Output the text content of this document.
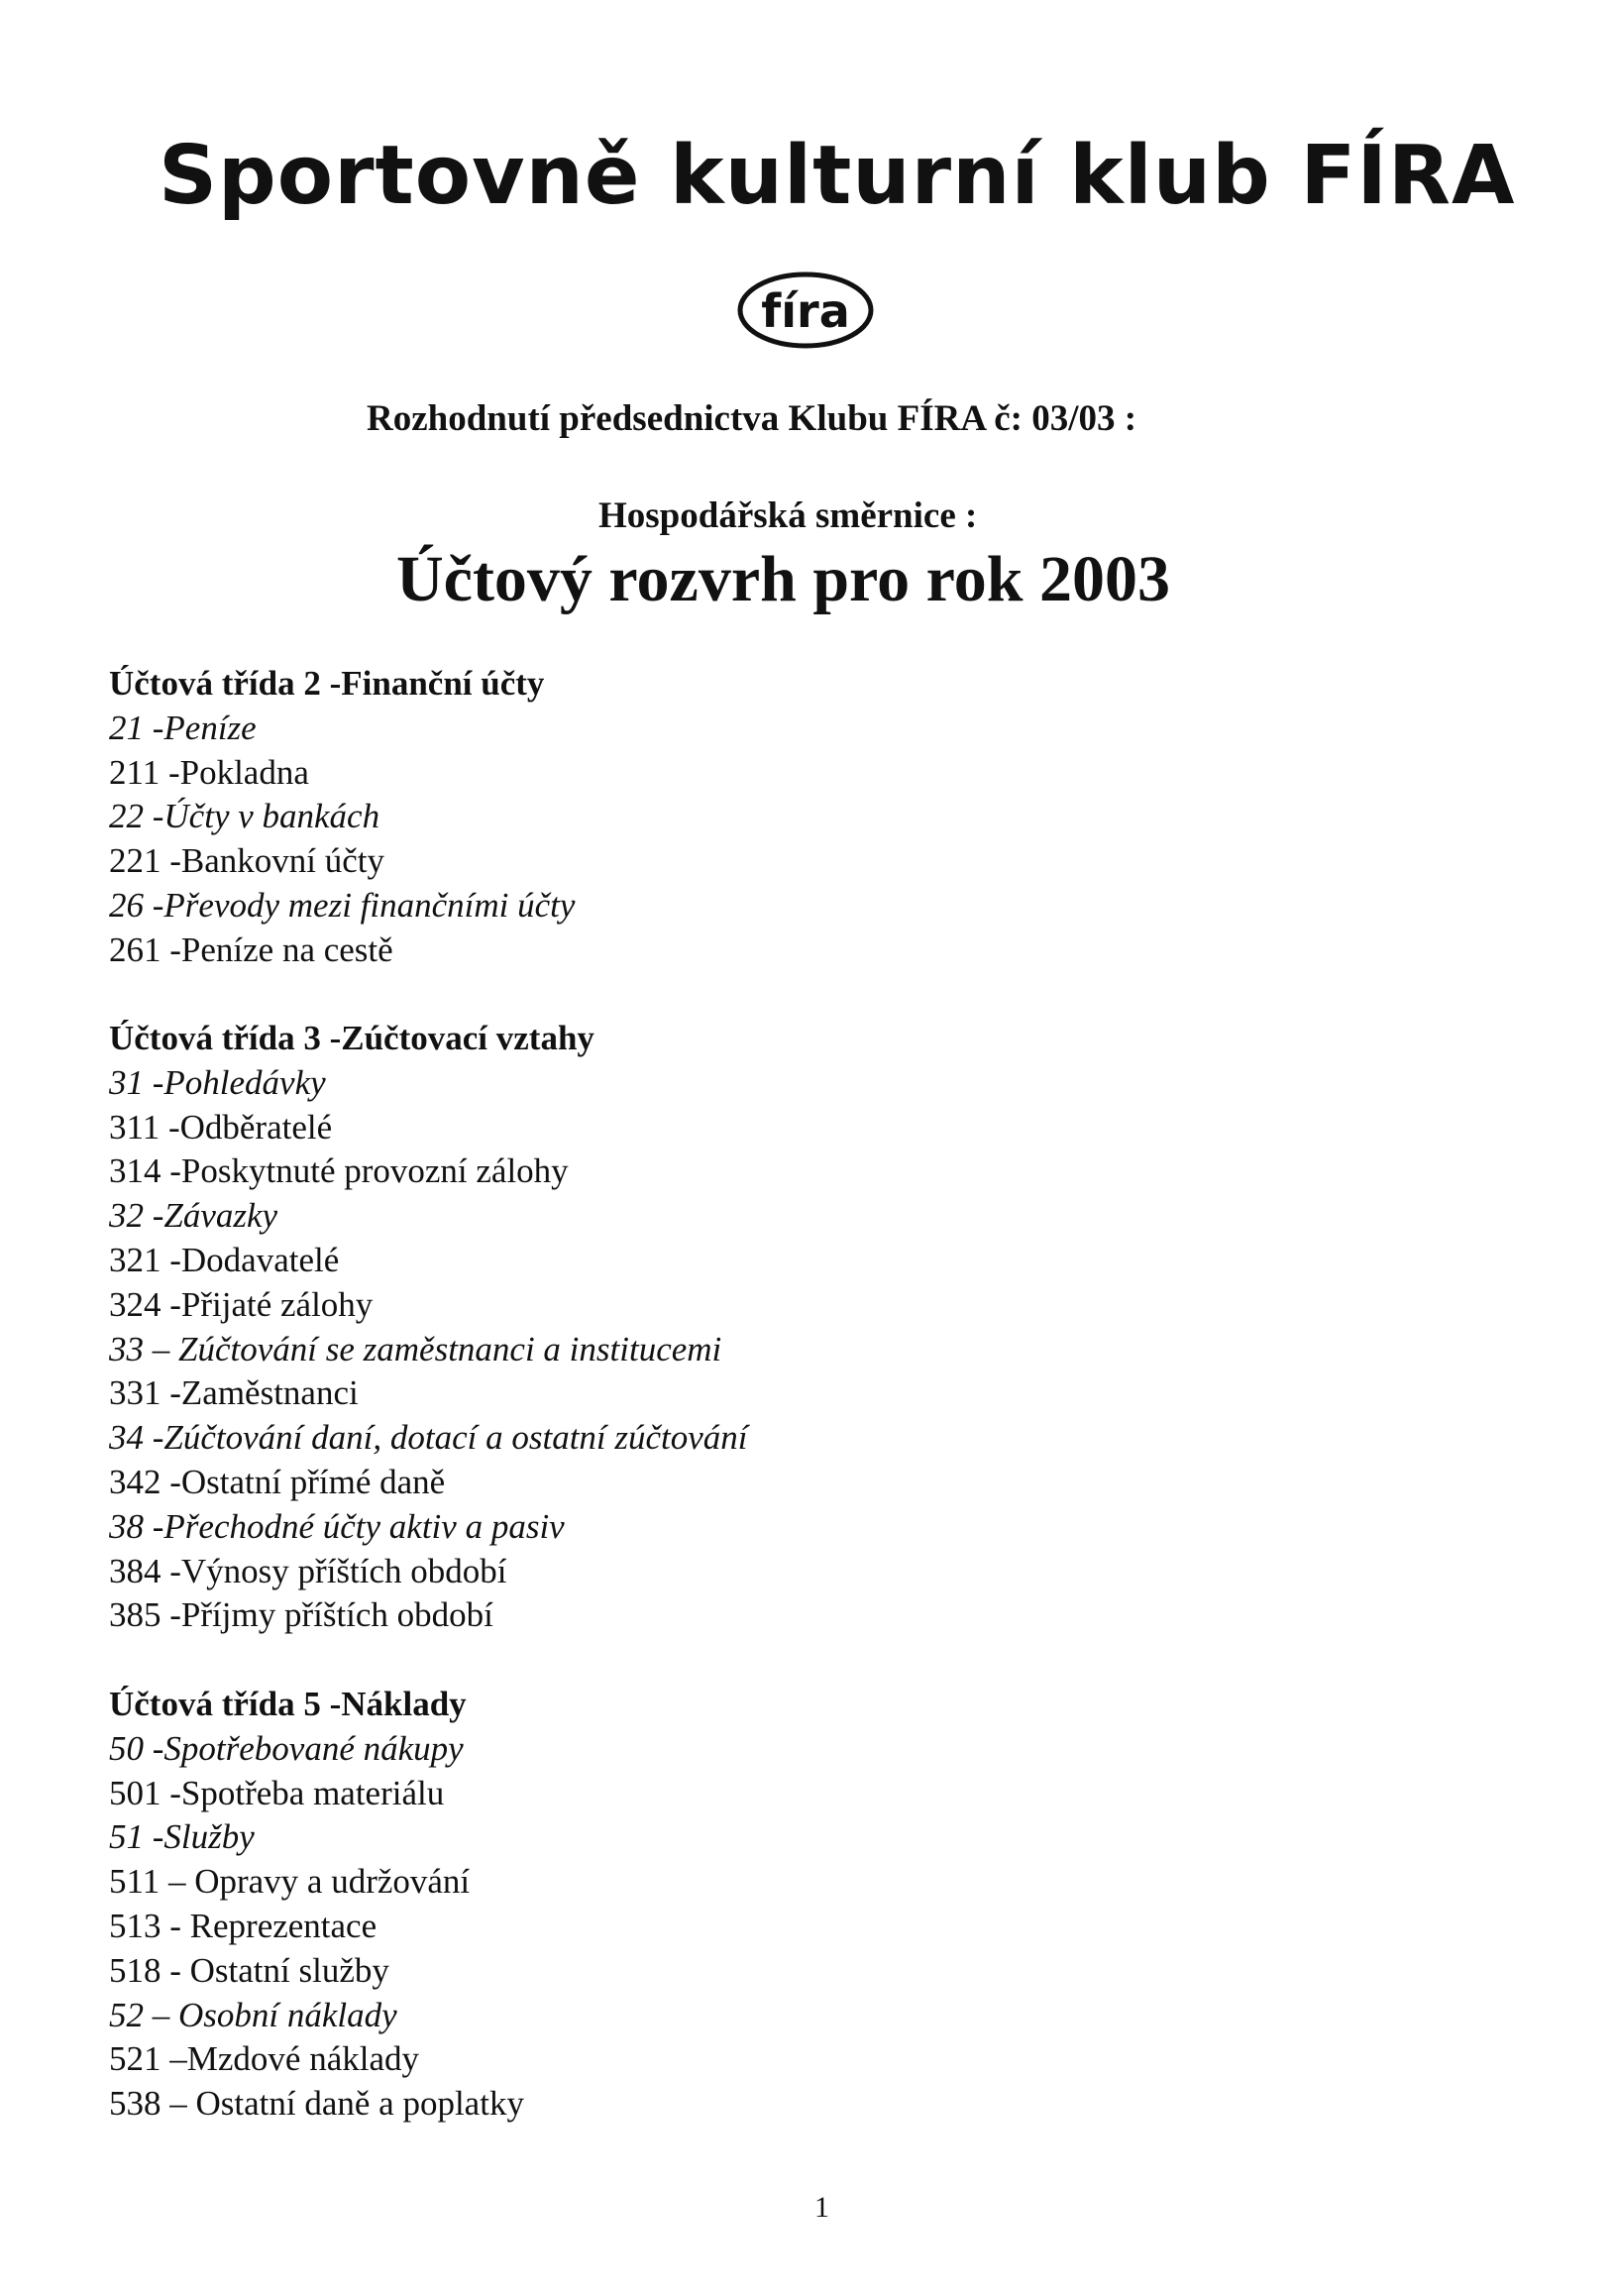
Sportovně kulturní klub FÍRA
fíra
Rozhodnutí předsednictva Klubu FÍRA č: 03/03 :
Hospodářská směrnice :
Účtový rozvrh pro rok 2003
Účtová třída 2 -Finanční účty
21 -Peníze
211 -Pokladna
22 -Účty v bankách
221 -Bankovní účty
26 -Převody mezi finančními účty
261 -Peníze na cestě
Účtová třída 3 -Zúčtovací vztahy
31 -Pohledávky
311 -Odběratelé
314 -Poskytnuté provozní zálohy
32 -Závazky
321 -Dodavatelé
324 -Přijaté zálohy
33 – Zúčtování se zaměstnanci a institucemi
331 -Zaměstnanci
34 -Zúčtování daní, dotací a ostatní zúčtování
342 -Ostatní přímé daně
38 -Přechodné účty aktiv a pasiv
384 -Výnosy příštích období
385 -Příjmy příštích období
Účtová třída 5 -Náklady
50 -Spotřebované nákupy
501 -Spotřeba materiálu
51 -Služby
511 – Opravy a udržování
513 - Reprezentace
518 - Ostatní služby
52 – Osobní náklady
521 –Mzdové náklady
538 – Ostatní daně a poplatky
1
